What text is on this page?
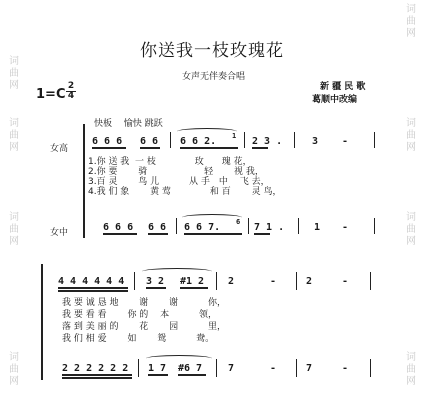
词曲网
词曲网
词曲网
词曲网
词曲网
词曲网
词曲网
词曲网
你送我一枝玫瑰花
女声无伴奏合唱
新 疆 民 歌
葛顺中改编
1=C
2
4
快板　 愉快 跳跃
女高
女中
6 6 6 6 6 6 6 2. 1 2 3 .	3 -
1.你 送 我  一 枝　　　　 玫　　瑰 花，
2.你 要　　 骑　　　　　　 轻　　 视 我，
3.百 灵　　 鸟 儿　　　 从 手　中　 飞 去，
4.我 们 象　　 黄 莺　　　　 和 百　　 灵 鸟，
6 6 6 6 6 6 6 7. 6 7 1 .	1 -
4 4 4 4 4 4 3 2 #1 2 2	-	2	-
我 要 诚 恳 地　　 谢　　 谢　　　 你，
我 要 看 看　　 你 的　 本　　　 领，
落 到 美 丽 的　　 花　　 园　　　 里，
我 们 相 爱　　 如　　 鸳　　　 鸯。
2 2 2 2 2 2 1 7 #6 7	7	-	7	-
